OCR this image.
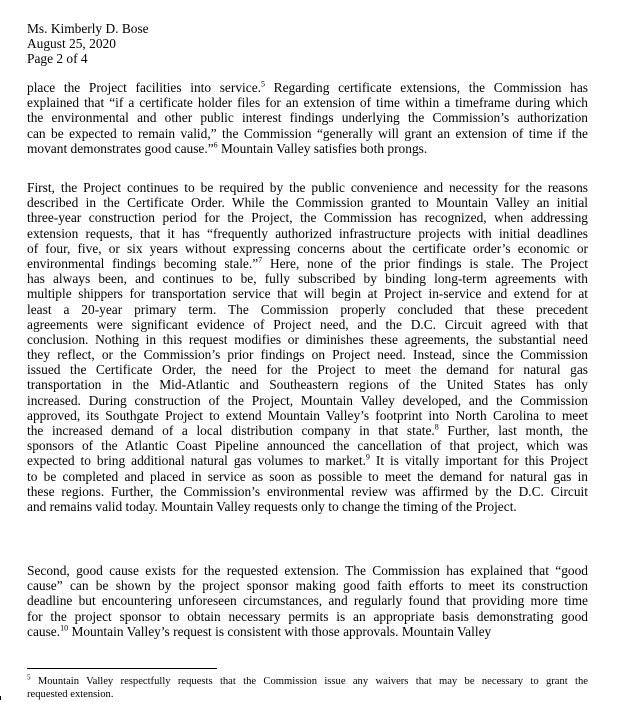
Ms. Kimberly D. Bose
August 25, 2020
Page 2 of 4
place the Project facilities into service.$^5$ Regarding certificate extensions, the Commission has
explained that “if a certificate holder files for an extension of time within a timeframe during which
the environmental and other public interest findings underlying the Commission’s authorization
can be expected to remain valid,” the Commission “generally will grant an extension of time if the
movant demonstrates good cause.”$^6$ Mountain Valley satisfies both prongs.
First, the Project continues to be required by the public convenience and necessity for the reasons
described in the Certificate Order. While the Commission granted to Mountain Valley an initial
three-year construction period for the Project, the Commission has recognized, when addressing
extension requests, that it has “frequently authorized infrastructure projects with initial deadlines
of four, five, or six years without expressing concerns about the certificate order’s economic or
environmental findings becoming stale.”$^7$ Here, none of the prior findings is stale. The Project
has always been, and continues to be, fully subscribed by binding long-term agreements with
multiple shippers for transportation service that will begin at Project in-service and extend for at
least a 20-year primary term. The Commission properly concluded that these precedent
agreements were significant evidence of Project need, and the D.C. Circuit agreed with that
conclusion. Nothing in this request modifies or diminishes these agreements, the substantial need
they reflect, or the Commission’s prior findings on Project need. Instead, since the Commission
issued the Certificate Order, the need for the Project to meet the demand for natural gas
transportation in the Mid-Atlantic and Southeastern regions of the United States has only
increased. During construction of the Project, Mountain Valley developed, and the Commission
approved, its Southgate Project to extend Mountain Valley’s footprint into North Carolina to meet
the increased demand of a local distribution company in that state.$^8$ Further, last month, the
sponsors of the Atlantic Coast Pipeline announced the cancellation of that project, which was
expected to bring additional natural gas volumes to market.$^9$ It is vitally important for this Project
to be completed and placed in service as soon as possible to meet the demand for natural gas in
these regions. Further, the Commission’s environmental review was affirmed by the D.C. Circuit
and remains valid today. Mountain Valley requests only to change the timing of the Project.
Second, good cause exists for the requested extension. The Commission has explained that “good
cause” can be shown by the project sponsor making good faith efforts to meet its construction
deadline but encountering unforeseen circumstances, and regularly found that providing more time
for the project sponsor to obtain necessary permits is an appropriate basis demonstrating good
cause.$^{10}$ Mountain Valley’s request is consistent with those approvals. Mountain Valley
$^5$ Mountain Valley respectfully requests that the Commission issue any waivers that may be necessary to grant the
requested extension.
